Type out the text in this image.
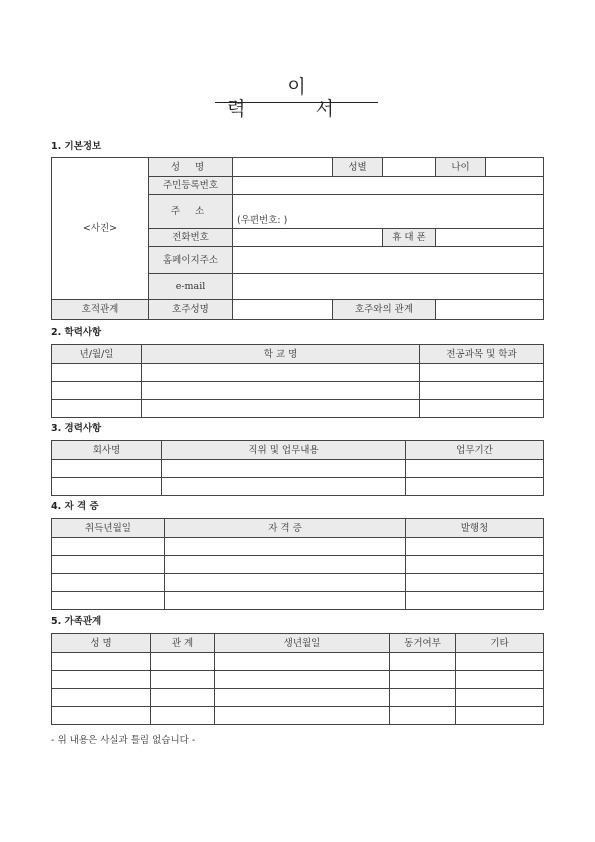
이 력 서
1. 기본정보
<사진>	성 명		성별		나이	
	주민등록번호					
	주 소	(우편번호: )				
	전화번호			휴 대 폰		
	홈페이지주소					
	e-mail					
호적관계	호주성명		호주와의 관계			
2. 학력사항
년/월/일	학 교 명	전공과목 및 학과

3. 경력사항
회사명	직위 및 업무내용	업무기간

4. 자 격 증
취득년월일	자 격 증	발행청

5. 가족관계
성 명	관 계	생년월일	동거여부	기타

- 위 내용은 사실과 틀림 없습니다 -
